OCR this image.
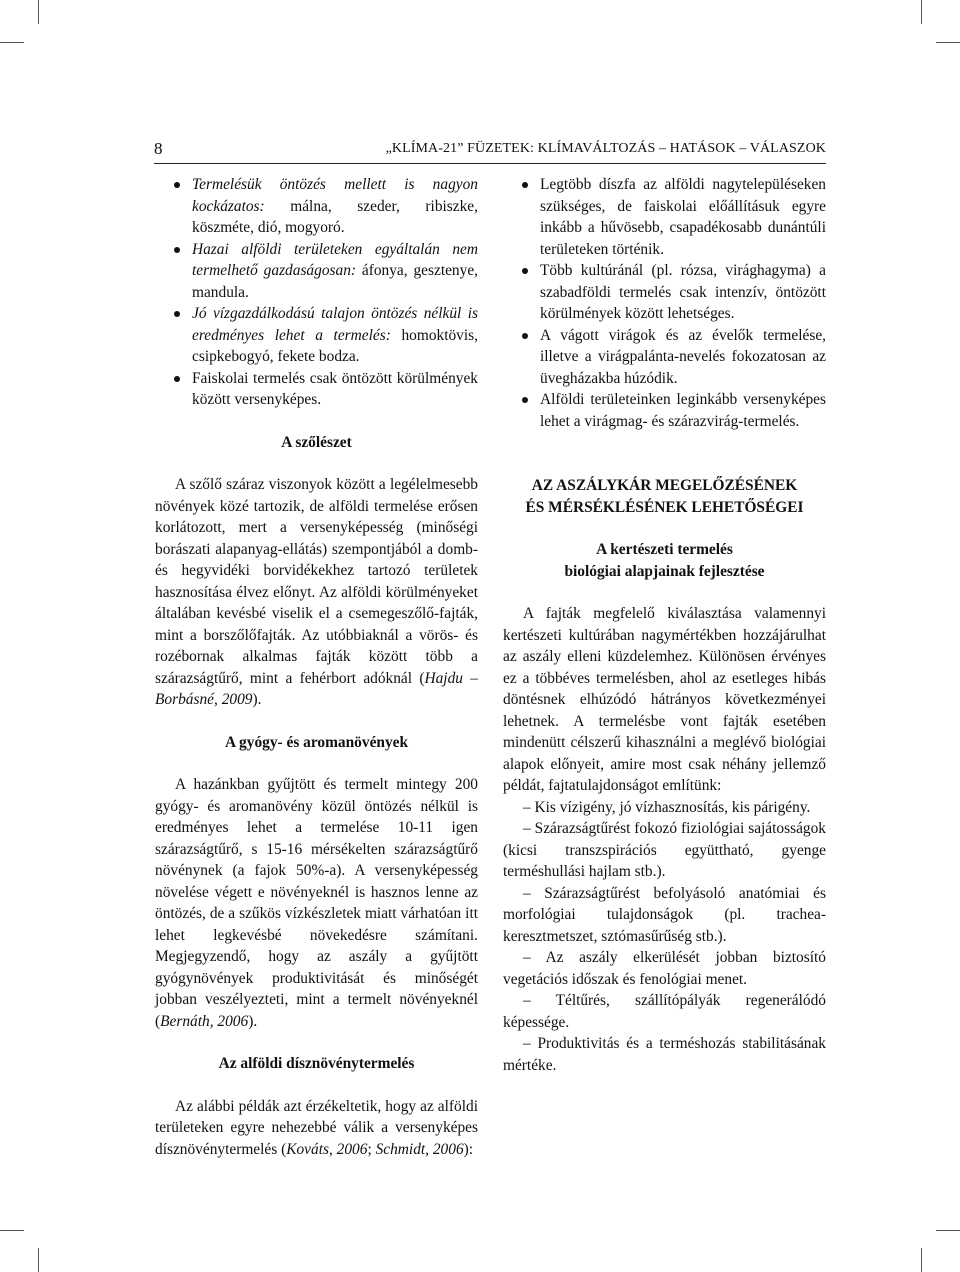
8	„KLÍMA-21” FÜZETEK: KLÍMAVÁLTOZÁS – HATÁSOK – VÁLASZOK
Termelésük öntözés mellett is nagyon kockázatos: málna, szeder, ribiszke, köszméte, dió, mogyoró.
Hazai alföldi területeken egyáltalán nem termelhető gazdaságosan: áfonya, gesztenye, mandula.
Jó vízgazdálkodású talajon öntözés nélkül is eredményes lehet a termelés: homoktövis, csipkebogyó, fekete bodza.
Faiskolai termelés csak öntözött körülmények között versenyképes.
A szőlészet

A szőlő száraz viszonyok között a legélelmesebb növények közé tartozik, de alföldi termelése erősen korlátozott, mert a versenyképesség (minőségi borászati alapanyag-ellátás) szempontjából a domb- és hegyvidéki borvidékekhez tartozó területek hasznosítása élvez előnyt. Az alföldi körülményeket általában kevésbé viselik el a csemegeszőlő-fajták, mint a borszőlőfajták. Az utóbbiaknál a vörös- és rozébornak alkalmas fajták között több a szárazságtűrő, mint a fehérbort adóknál (Hajdu – Borbásné, 2009).

A gyógy- és aromanövények

A hazánkban gyűjtött és termelt mintegy 200 gyógy- és aromanövény közül öntözés nélkül is eredményes lehet a termelése 10-11 igen szárazságtűrő, s 15-16 mérsékelten szárazságtűrő növénynek (a fajok 50%-a). A versenyképesség növelése végett e növényeknél is hasznos lenne az öntözés, de a szűkös vízkészletek miatt várhatóan itt lehet legkevésbé növekedésre számítani. Megjegyzendő, hogy az aszály a gyűjtött gyógynövények produktivitását és minőségét jobban veszélyezteti, mint a termelt növényeknél (Bernáth, 2006).

Az alföldi dísznövénytermelés

Az alábbi példák azt érzékeltetik, hogy az alföldi területeken egyre nehezebbé válik a versenyképes dísznövénytermelés (Kováts, 2006; Schmidt, 2006):

Legtöbb díszfa az alföldi nagytelepüléseken szükséges, de faiskolai előállításuk egyre inkább a hűvösebb, csapadékosabb dunántúli területeken történik.
Több kultúránál (pl. rózsa, virághagyma) a szabadföldi termelés csak intenzív, öntözött körülmények között lehetséges.
A vágott virágok és az évelők termelése, illetve a virágpalánta-nevelés fokozatosan az üvegházakba húzódik.
Alföldi területeinken leginkább versenyképes lehet a virágmag- és szárazvirág-termelés.
AZ ASZÁLYKÁR MEGELŐZÉSÉNEK
ÉS MÉRSÉKLÉSÉNEK LEHETŐSÉGEI
A kertészeti termelés
biológiai alapjainak fejlesztése

A fajták megfelelő kiválasztása valamennyi kertészeti kultúrában nagymértékben hozzájárulhat az aszály elleni küzdelemhez. Különösen érvényes ez a többéves termelésben, ahol az esetleges hibás döntésnek elhúzódó hátrányos következményei lehetnek. A termelésbe vont fajták esetében mindenütt célszerű kihasználni a meglévő biológiai alapok előnyeit, amire most csak néhány jellemző példát, fajtatulajdonságot említünk:

– Kis vízigény, jó vízhasznosítás, kis párigény.

– Szárazságtűrést fokozó fiziológiai sajátosságok (kicsi transzspirációs együttható, gyenge terméshullási hajlam stb.).

– Szárazságtűrést befolyásoló anatómiai és morfológiai tulajdonságok (pl. trachea-keresztmetszet, sztómasűrűség stb.).

– Az aszály elkerülését jobban biztosító vegetációs időszak és fenológiai menet.

– Téltűrés, szállítópályák regenerálódó képessége.

– Produktivitás és a terméshozás stabilitásának mértéke.
